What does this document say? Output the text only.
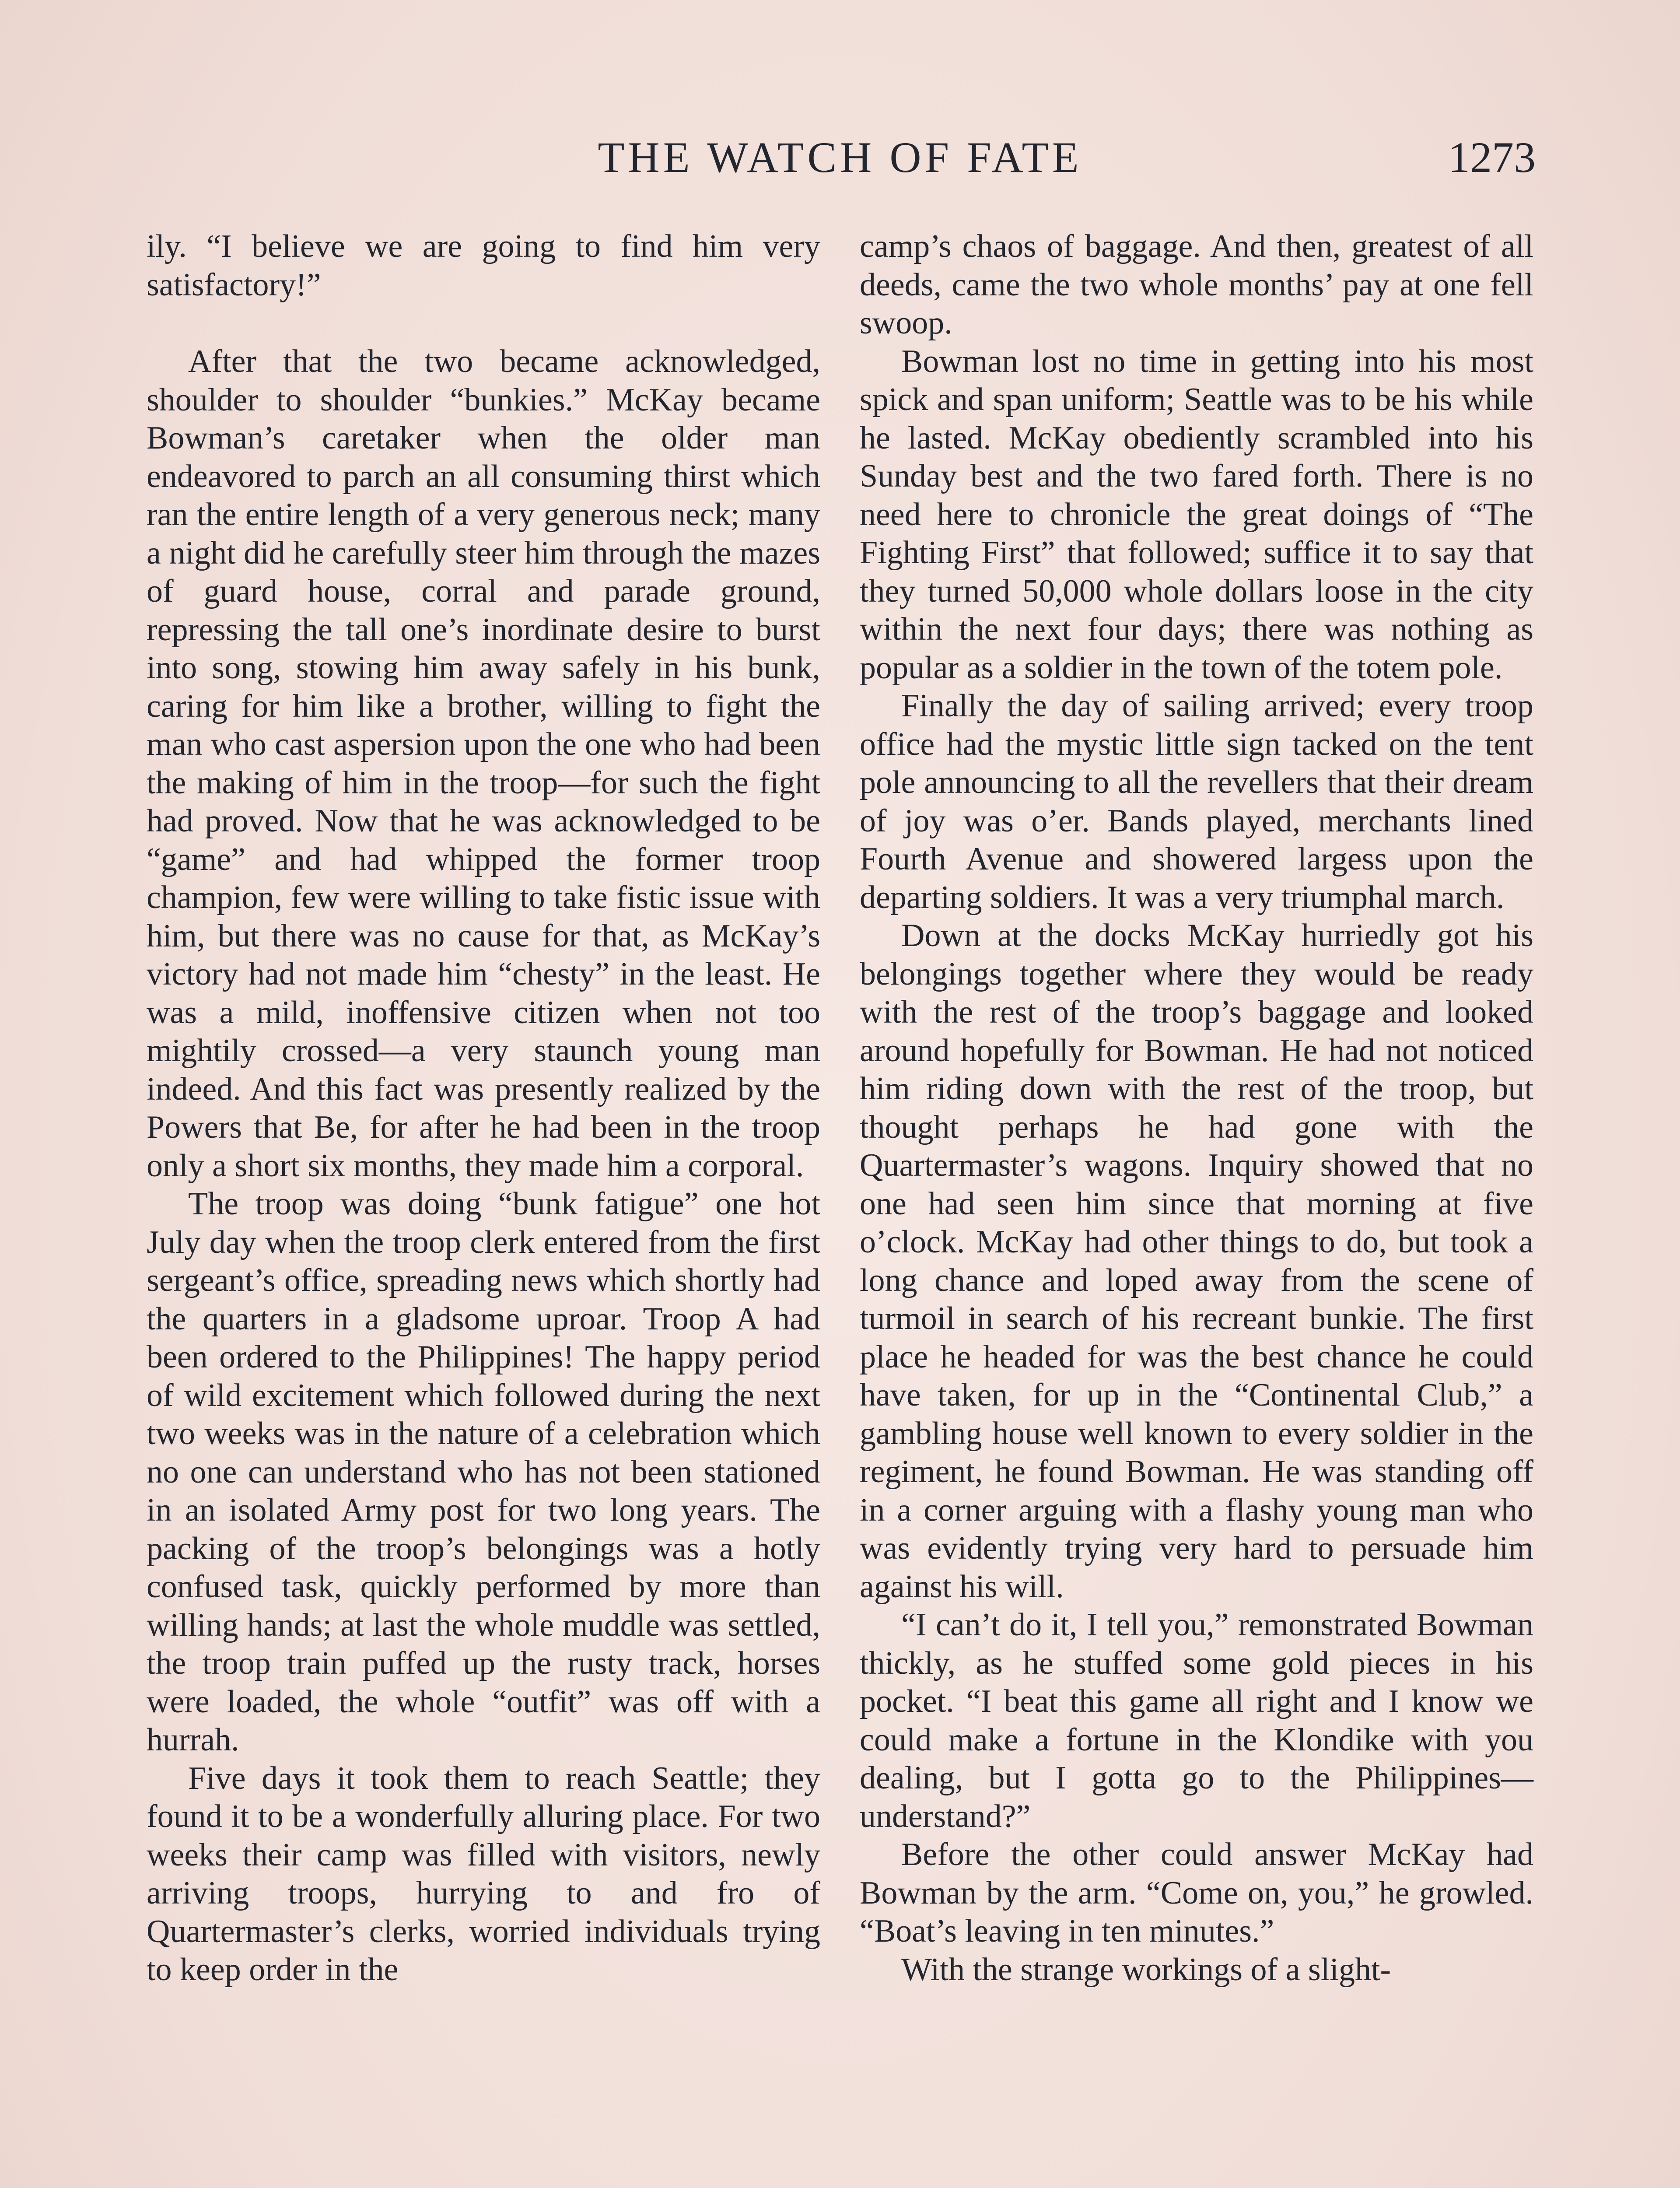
THE WATCH OF FATE	1273

ily. “I believe we are going to find him very satisfactory!”

After that the two became acknowledged, shoulder to shoulder “bunkies.” McKay became Bowman’s caretaker when the older man endeavored to parch an all consuming thirst which ran the entire length of a very generous neck; many a night did he carefully steer him through the mazes of guard house, corral and parade ground, repressing the tall one’s inordinate desire to burst into song, stowing him away safely in his bunk, caring for him like a brother, willing to fight the man who cast aspersion upon the one who had been the making of him in the troop—for such the fight had proved. Now that he was acknowledged to be “game” and had whipped the former troop champion, few were willing to take fistic issue with him, but there was no cause for that, as McKay’s victory had not made him “chesty” in the least. He was a mild, inoffensive citizen when not too mightily crossed—a very staunch young man indeed. And this fact was presently realized by the Powers that Be, for after he had been in the troop only a short six months, they made him a corporal.

The troop was doing “bunk fatigue” one hot July day when the troop clerk entered from the first sergeant’s office, spreading news which shortly had the quarters in a gladsome uproar. Troop A had been ordered to the Philippines! The happy period of wild excitement which followed during the next two weeks was in the nature of a celebration which no one can understand who has not been stationed in an isolated Army post for two long years. The packing of the troop’s belongings was a hotly confused task, quickly performed by more than willing hands; at last the whole muddle was settled, the troop train puffed up the rusty track, horses were loaded, the whole “outfit” was off with a hurrah.

Five days it took them to reach Seattle; they found it to be a wonderfully alluring place. For two weeks their camp was filled with visitors, newly arriving troops, hurrying to and fro of Quartermaster’s clerks, worried individuals trying to keep order in the

camp’s chaos of baggage. And then, greatest of all deeds, came the two whole months’ pay at one fell swoop.

Bowman lost no time in getting into his most spick and span uniform; Seattle was to be his while he lasted. McKay obediently scrambled into his Sunday best and the two fared forth. There is no need here to chronicle the great doings of “The Fighting First” that followed; suffice it to say that they turned 50,000 whole dollars loose in the city within the next four days; there was nothing as popular as a soldier in the town of the totem pole.

Finally the day of sailing arrived; every troop office had the mystic little sign tacked on the tent pole announcing to all the revellers that their dream of joy was o’er. Bands played, merchants lined Fourth Avenue and showered largess upon the departing soldiers. It was a very triumphal march.

Down at the docks McKay hurriedly got his belongings together where they would be ready with the rest of the troop’s baggage and looked around hopefully for Bowman. He had not noticed him riding down with the rest of the troop, but thought perhaps he had gone with the Quartermaster’s wagons. Inquiry showed that no one had seen him since that morning at five o’clock. McKay had other things to do, but took a long chance and loped away from the scene of turmoil in search of his recreant bunkie. The first place he headed for was the best chance he could have taken, for up in the “Continental Club,” a gambling house well known to every soldier in the regiment, he found Bowman. He was standing off in a corner arguing with a flashy young man who was evidently trying very hard to persuade him against his will.

“I can’t do it, I tell you,” remonstrated Bowman thickly, as he stuffed some gold pieces in his pocket. “I beat this game all right and I know we could make a fortune in the Klondike with you dealing, but I gotta go to the Philippines—understand?”

Before the other could answer McKay had Bowman by the arm. “Come on, you,” he growled. “Boat’s leaving in ten minutes.”

With the strange workings of a slight-
